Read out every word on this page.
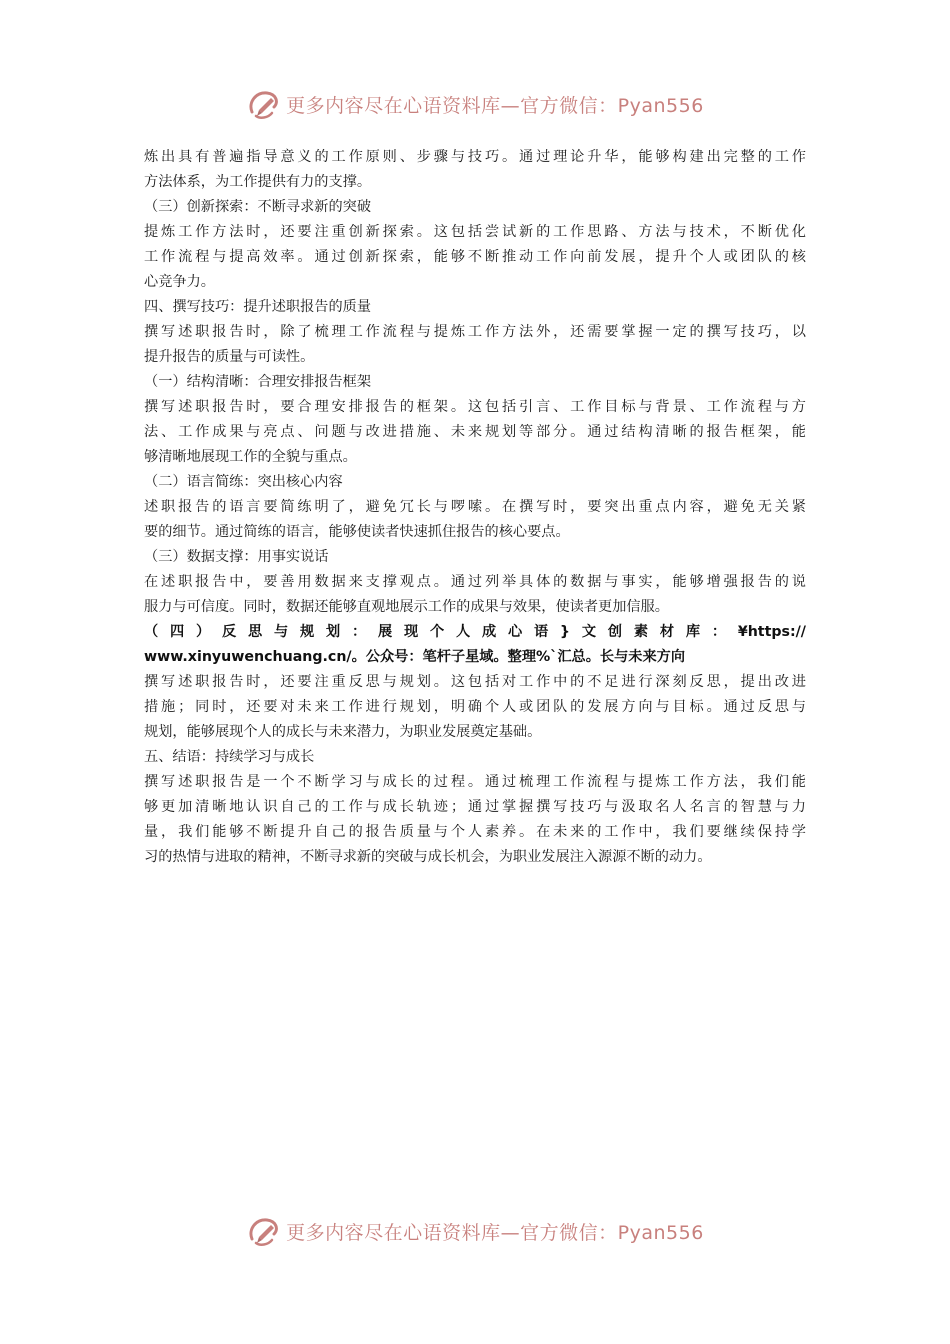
更多内容尽在心语资料库—官方微信：Pyan556
炼出具有普遍指导意义的工作原则、步骤与技巧。通过理论升华，能够构建出完整的工作
方法体系，为工作提供有力的支撑。
（三）创新探索：不断寻求新的突破
提炼工作方法时，还要注重创新探索。这包括尝试新的工作思路、方法与技术，不断优化
工作流程与提高效率。通过创新探索，能够不断推动工作向前发展，提升个人或团队的核
心竞争力。
四、撰写技巧：提升述职报告的质量
撰写述职报告时，除了梳理工作流程与提炼工作方法外，还需要掌握一定的撰写技巧，以
提升报告的质量与可读性。
（一）结构清晰：合理安排报告框架
撰写述职报告时，要合理安排报告的框架。这包括引言、工作目标与背景、工作流程与方
法、工作成果与亮点、问题与改进措施、未来规划等部分。通过结构清晰的报告框架，能
够清晰地展现工作的全貌与重点。
（二）语言简练：突出核心内容
述职报告的语言要简练明了，避免冗长与啰嗦。在撰写时，要突出重点内容，避免无关紧
要的细节。通过简练的语言，能够使读者快速抓住报告的核心要点。
（三）数据支撑：用事实说话
在述职报告中，要善用数据来支撑观点。通过列举具体的数据与事实，能够增强报告的说
服力与可信度。同时，数据还能够直观地展示工作的成果与效果，使读者更加信服。
（四）反思与规划：展现个人成心语}文创素材库：¥https://
www.xinyuwenchuang.cn/。公众号：笔杆子星域。整理%`汇总。长与未来方向
撰写述职报告时，还要注重反思与规划。这包括对工作中的不足进行深刻反思，提出改进
措施；同时，还要对未来工作进行规划，明确个人或团队的发展方向与目标。通过反思与
规划，能够展现个人的成长与未来潜力，为职业发展奠定基础。
五、结语：持续学习与成长
撰写述职报告是一个不断学习与成长的过程。通过梳理工作流程与提炼工作方法，我们能
够更加清晰地认识自己的工作与成长轨迹；通过掌握撰写技巧与汲取名人名言的智慧与力
量，我们能够不断提升自己的报告质量与个人素养。在未来的工作中，我们要继续保持学
习的热情与进取的精神，不断寻求新的突破与成长机会，为职业发展注入源源不断的动力。
更多内容尽在心语资料库—官方微信：Pyan556
